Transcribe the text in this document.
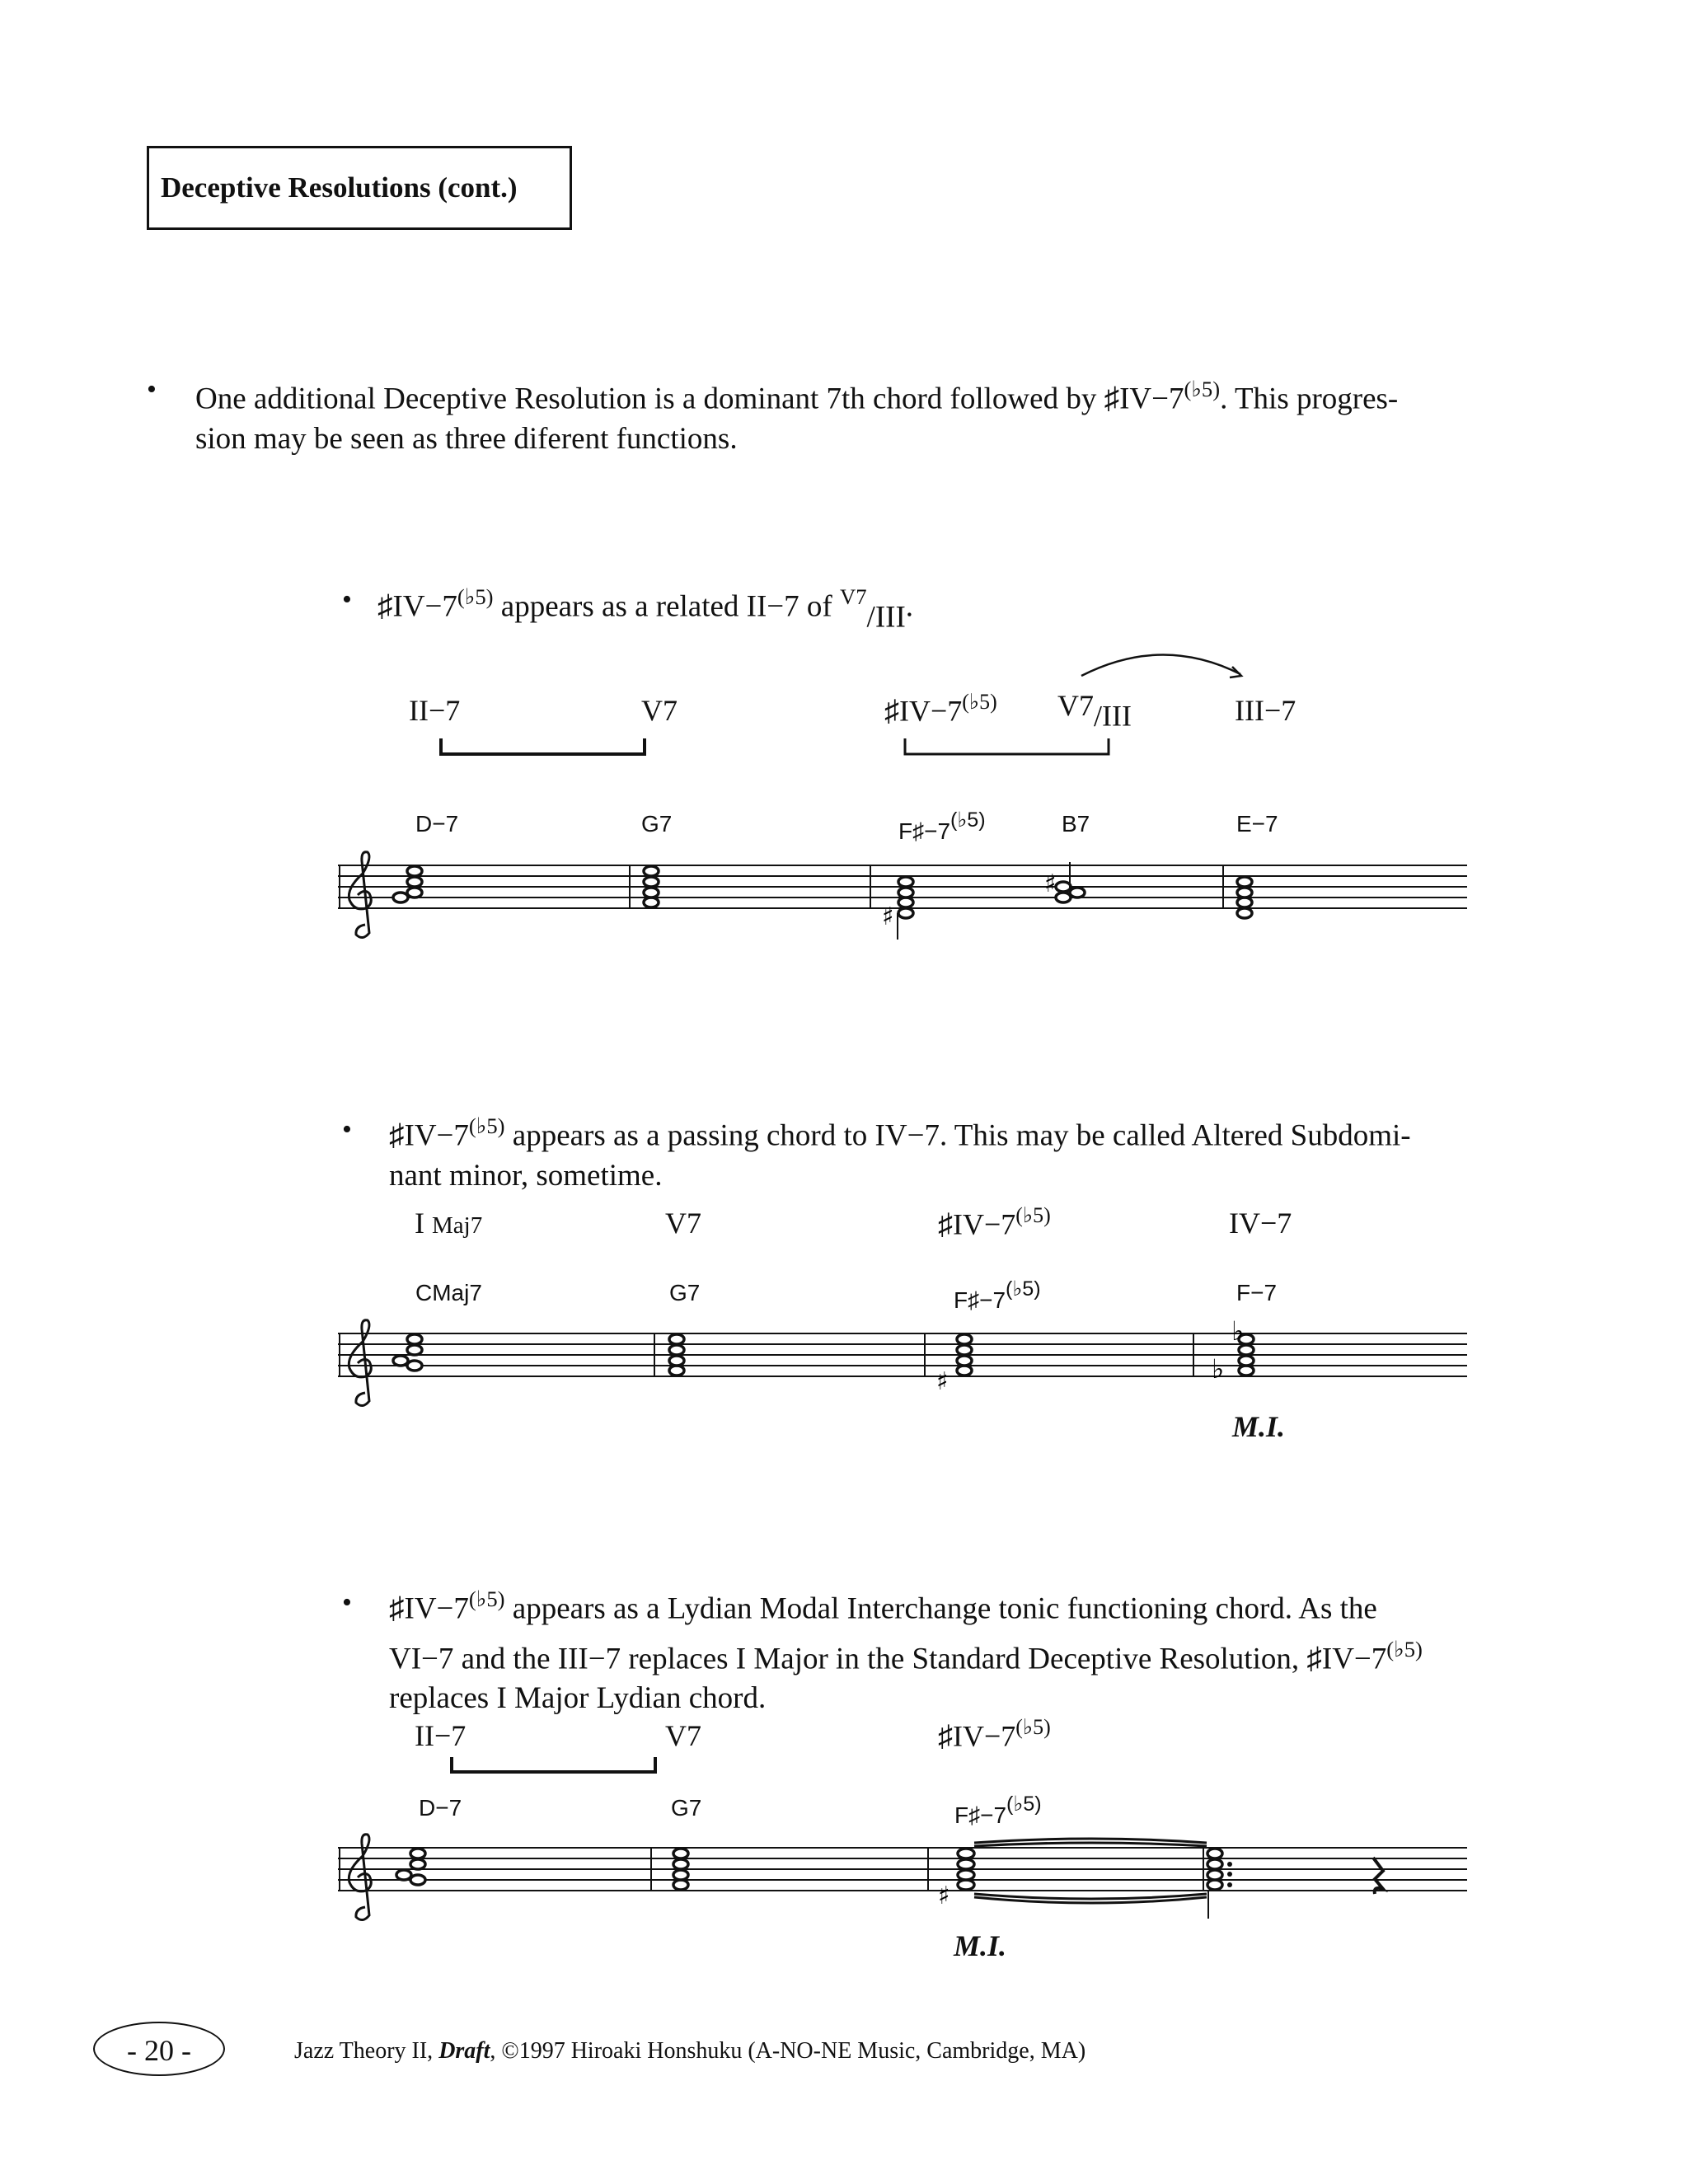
Deceptive Resolutions (cont.)
• One additional Deceptive Resolution is a dominant 7th chord followed by $♯IV-7^{(♭5)}$. This progres-
sion may be seen as three diferent functions.
• $♯IV-7^{(♭5)}$ appears as a related II−7 of $^{V7}_{/III}$.
II−7	V7	$♯IV-7^{(♭5)}$ $V7_{/III}$	III−7
D−7	G7	$F♯-7^{(♭5)}$	B7	E−7
♯
♯
• $♯IV-7^{(♭5)}$ appears as a passing chord to IV−7. This may be called Altered Subdomi-
nant minor, sometime.
I Maj7	V7	$♯IV-7^{(♭5)}$	IV−7
CMaj7	G7	$F♯-7^{(♭5)}$	F−7
♯
♭
♭
M.I.
• $♯IV-7^{(♭5)}$ appears as a Lydian Modal Interchange tonic functioning chord. As the
VI−7 and the III−7 replaces I Major in the Standard Deceptive Resolution, $♯IV-7^{(♭5)}$
replaces I Major Lydian chord.
II−7	V7	$♯IV-7^{(♭5)}$
D−7	G7	$F♯-7^{(♭5)}$
♯
M.I.
- 20 -	Jazz Theory II, Draft, ©1997 Hiroaki Honshuku (A-NO-NE Music, Cambridge, MA)
